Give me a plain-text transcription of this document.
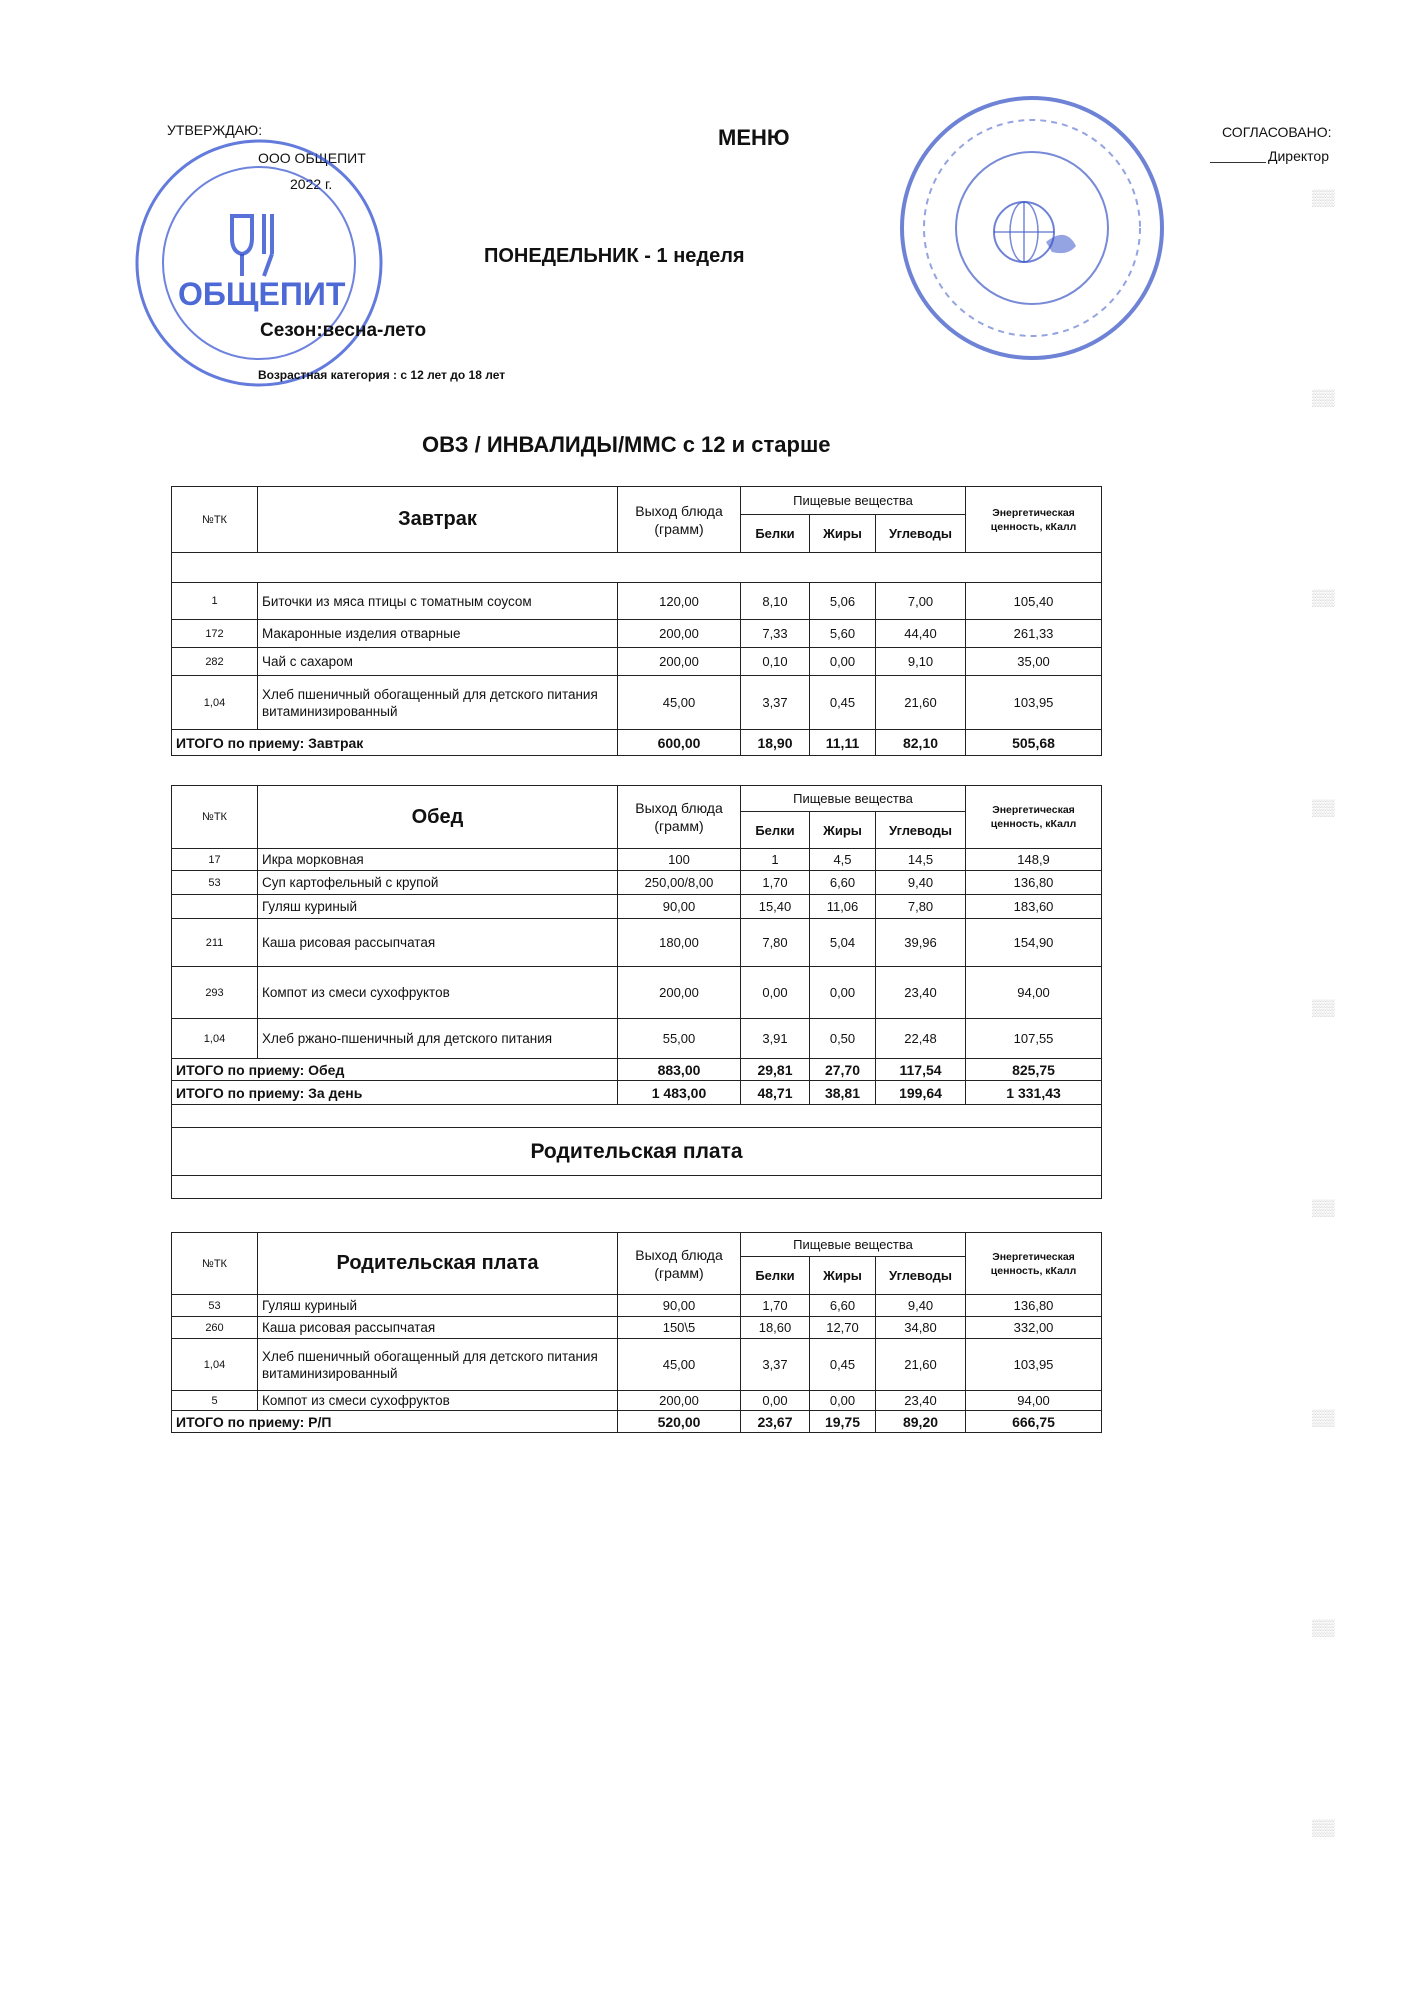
УТВЕРЖДАЮ:
ООО ОБЩЕПИТ
2022 г.
ОБЩЕПИТ
МЕНЮ
ПОНЕДЕЛЬНИК - 1 неделя
Сезон:весна-лето
Возрастная категория : с 12 лет до 18 лет
СОГЛАСОВАНО:
Директор
ОВЗ / ИНВАЛИДЫ/ММС с 12 и старше
№ТК	Завтрак	Выход блюда (грамм)	Пищевые вещества			Энергетическая ценность, кКалл
			Белки	Жиры	Углеводы	

1	Биточки из мяса птицы с томатным соусом	120,00	8,10	5,06	7,00	105,40
172	Макаронные изделия отварные	200,00	7,33	5,60	44,40	261,33
282	Чай с сахаром	200,00	0,10	0,00	9,10	35,00
1,04	Хлеб пшеничный обогащенный для детского питания витаминизированный	45,00	3,37	0,45	21,60	103,95
ИТОГО по приему: Завтрак		600,00	18,90	11,11	82,10	505,68
№ТК	Обед	Выход блюда (грамм)	Пищевые вещества			Энергетическая ценность, кКалл
			Белки	Жиры	Углеводы	
17	Икра морковная	100	1	4,5	14,5	148,9
53	Суп картофельный с крупой	250,00/8,00	1,70	6,60	9,40	136,80
	Гуляш куриный	90,00	15,40	11,06	7,80	183,60
211	Каша рисовая рассыпчатая	180,00	7,80	5,04	39,96	154,90
293	Компот из смеси сухофруктов	200,00	0,00	0,00	23,40	94,00
1,04	Хлеб ржано-пшеничный для детского питания	55,00	3,91	0,50	22,48	107,55
ИТОГО по приему: Обед		883,00	29,81	27,70	117,54	825,75
ИТОГО по приему: За день		1 483,00	48,71	38,81	199,64	1 331,43

Родительская плата						

№ТК	Родительская плата	Выход блюда (грамм)	Пищевые вещества			Энергетическая ценность, кКалл
			Белки	Жиры	Углеводы	
53	Гуляш куриный	90,00	1,70	6,60	9,40	136,80
260	Каша рисовая рассыпчатая	150\5	18,60	12,70	34,80	332,00
1,04	Хлеб пшеничный обогащенный для детского питания витаминизированный	45,00	3,37	0,45	21,60	103,95
5	Компот из смеси сухофруктов	200,00	0,00	0,00	23,40	94,00
ИТОГО по приему: Р/П		520,00	23,67	19,75	89,20	666,75
▒▒
▒▒
▒▒
▒▒
▒▒
▒▒
▒▒
▒▒
▒▒
